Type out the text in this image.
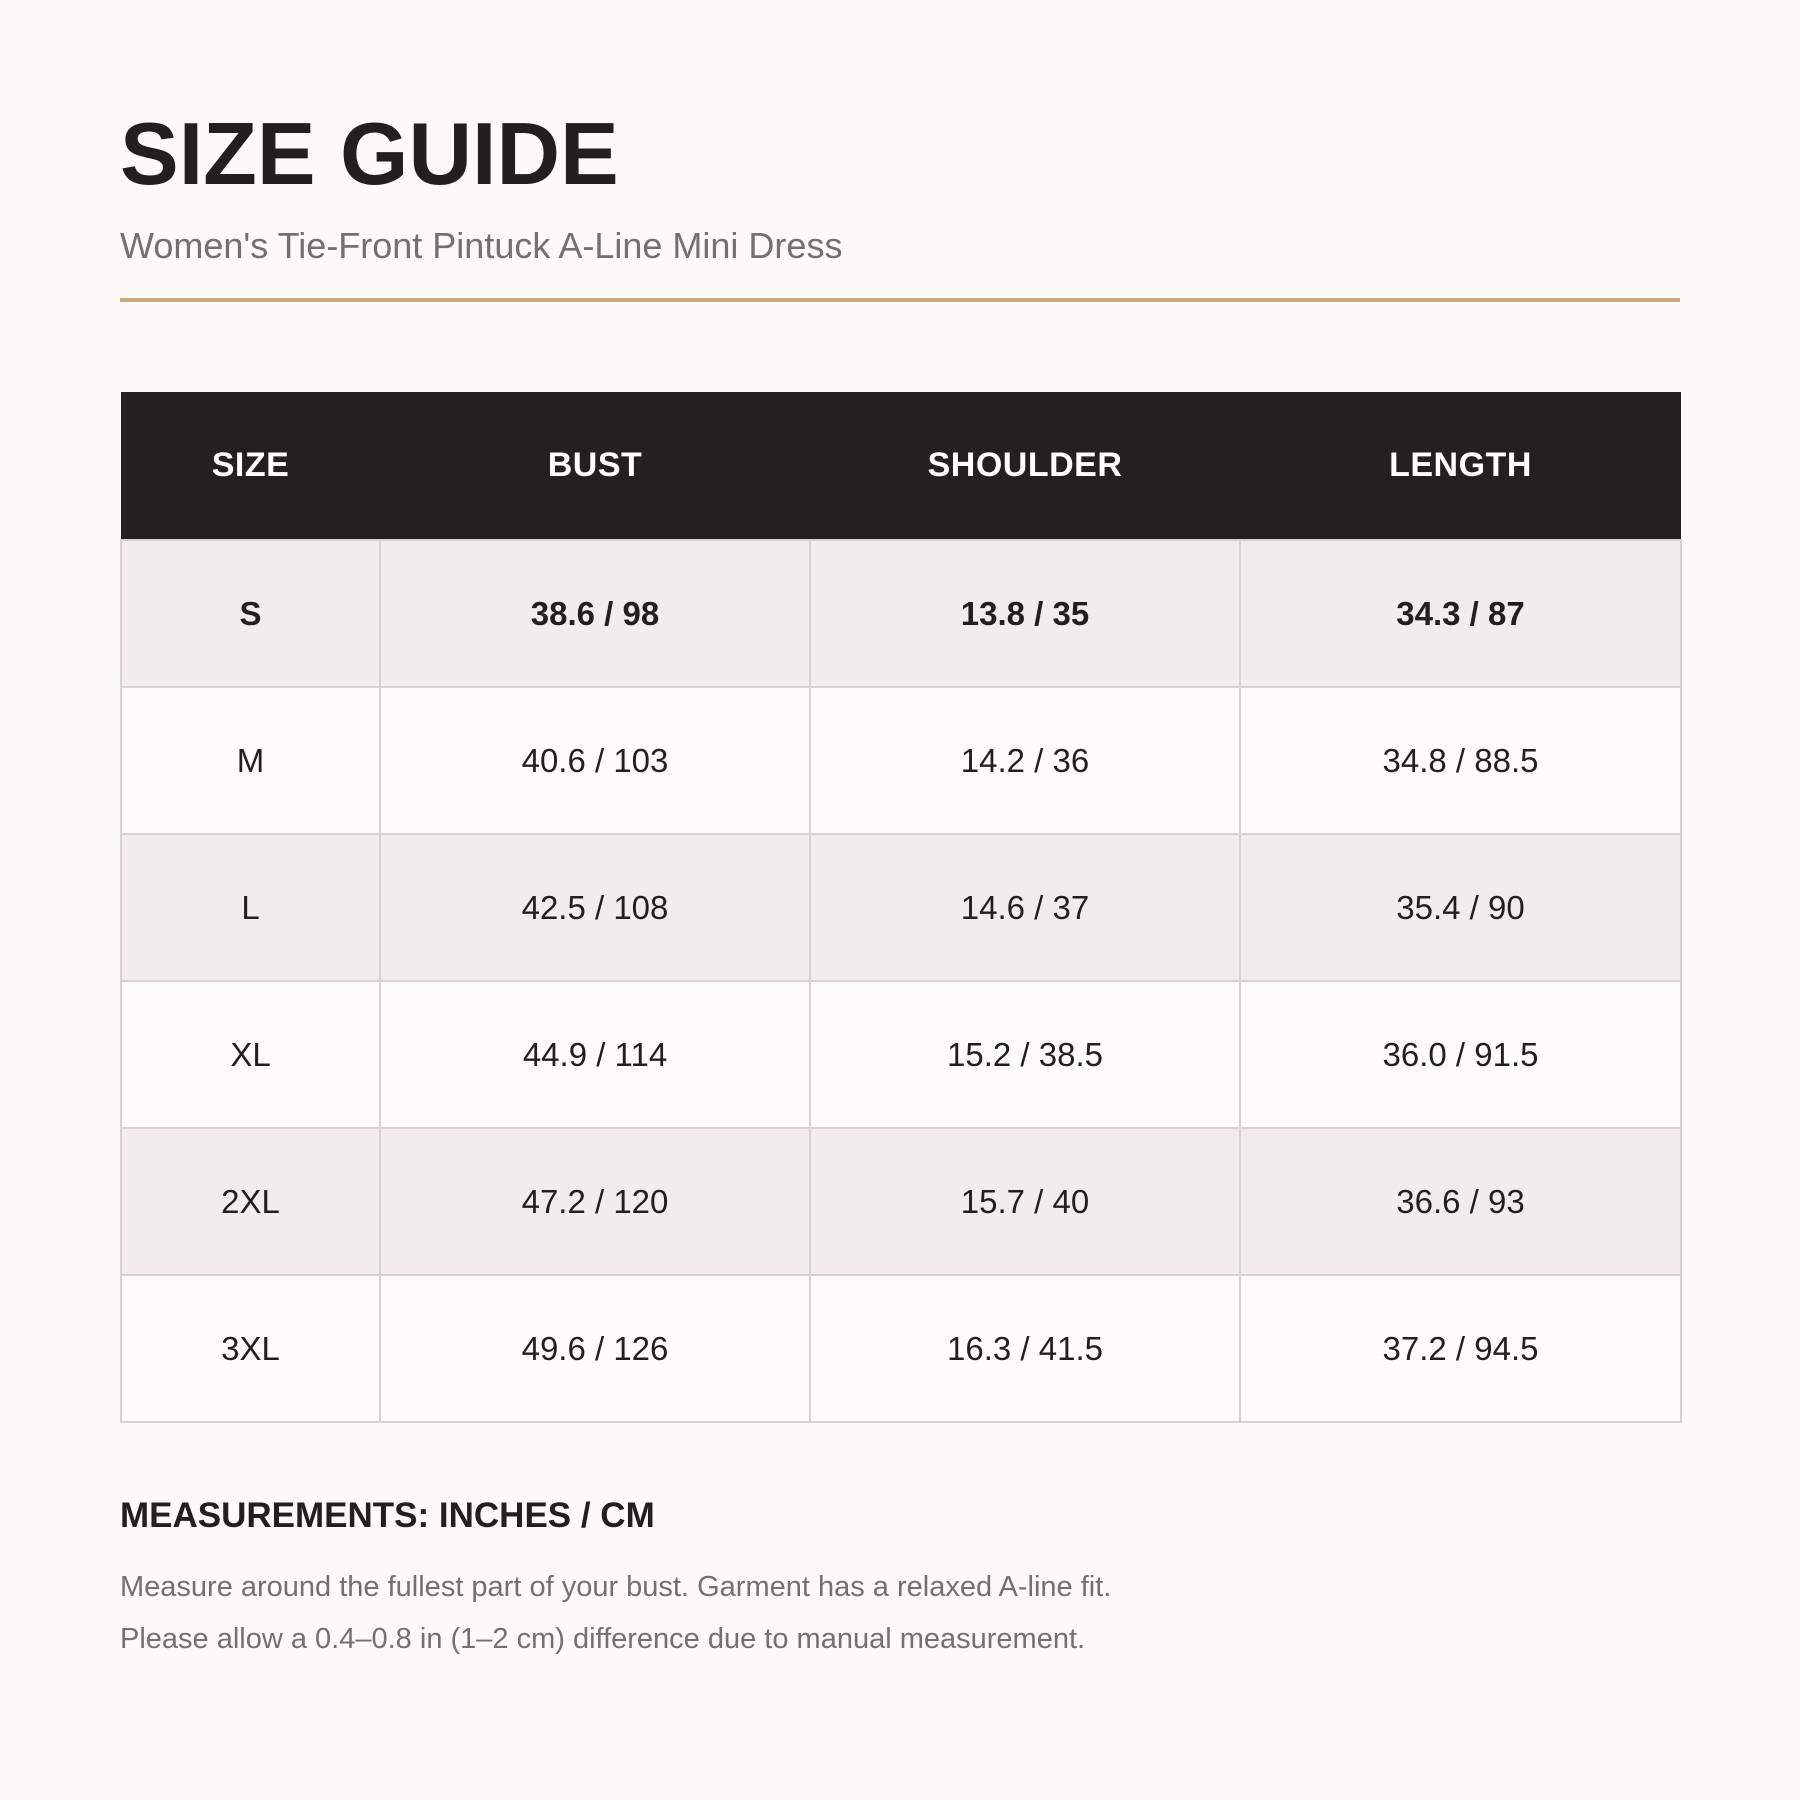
SIZE GUIDE
Women's Tie-Front Pintuck A-Line Mini Dress
SIZE	BUST	SHOULDER	LENGTH
S	38.6 / 98	13.8 / 35	34.3 / 87
M	40.6 / 103	14.2 / 36	34.8 / 88.5
L	42.5 / 108	14.6 / 37	35.4 / 90
XL	44.9 / 114	15.2 / 38.5	36.0 / 91.5
2XL	47.2 / 120	15.7 / 40	36.6 / 93
3XL	49.6 / 126	16.3 / 41.5	37.2 / 94.5
MEASUREMENTS: INCHES / CM
Measure around the fullest part of your bust. Garment has a relaxed A-line fit.
Please allow a 0.4–0.8 in (1–2 cm) difference due to manual measurement.
